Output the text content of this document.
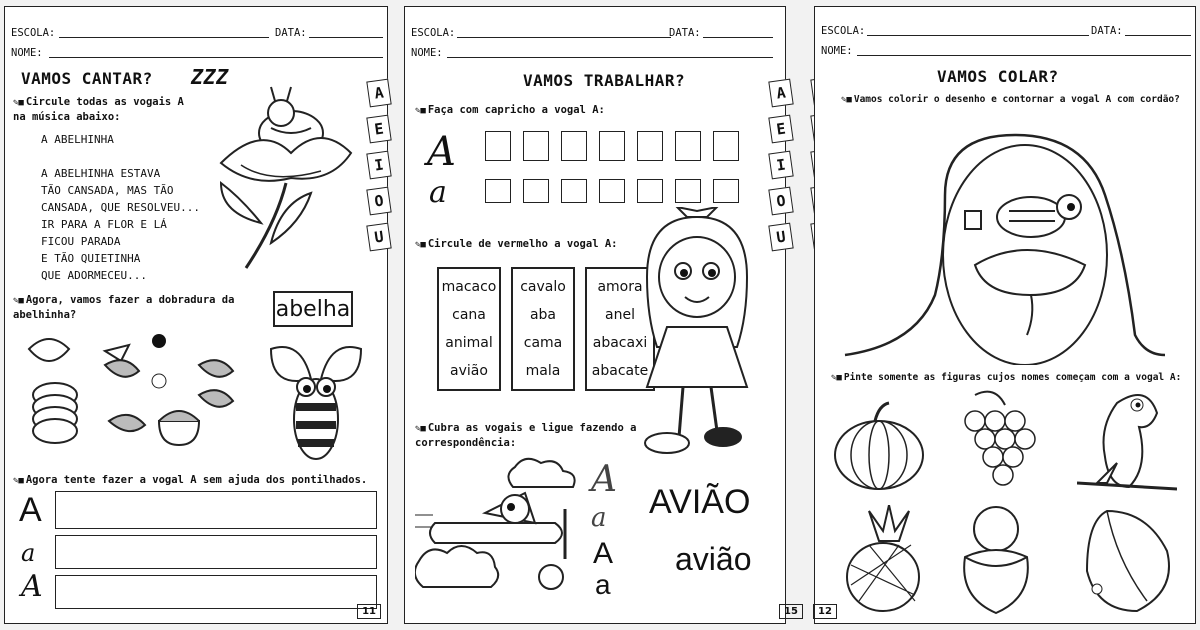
ESCOLA:	DATA:
NOME:
VAMOS CANTAR? ZZZ
✎■ Circule todas as vogais A
na música abaixo:
A ABELHINHA
A ABELHINHA ESTAVA
TÃO CANSADA, MAS TÃO
CANSADA, QUE RESOLVEU...
IR PARA A FLOR E LÁ
FICOU PARADA
E TÃO QUIETINHA
QUE ADORMECEU...
✎■ Agora, vamos fazer a dobradura da
abelhinha?	abelha
✎■ Agora tente fazer a vogal A sem ajuda dos pontilhados.
A
a
A
11
A
E
I
O
U
ESCOLA:	DATA:
NOME:
VAMOS TRABALHAR?
✎■ Faça com capricho a vogal A:
A
a
✎■ Circule de vermelho a vogal A:
macaco
cana
animal
avião
cavalo
aba
cama
mala
amora
anel
abacaxi
abacate
✎■ Cubra as vogais e ligue fazendo a
correspondência:
A
a
A
a
AVIÃO
avião
15
A
E
I
O
U
ESCOLA:	DATA:
NOME:
VAMOS COLAR?
✎■ Vamos colorir o desenho e contornar a vogal A com cordão?
✎■ Pinte somente as figuras cujos nomes começam com a vogal A:
12
